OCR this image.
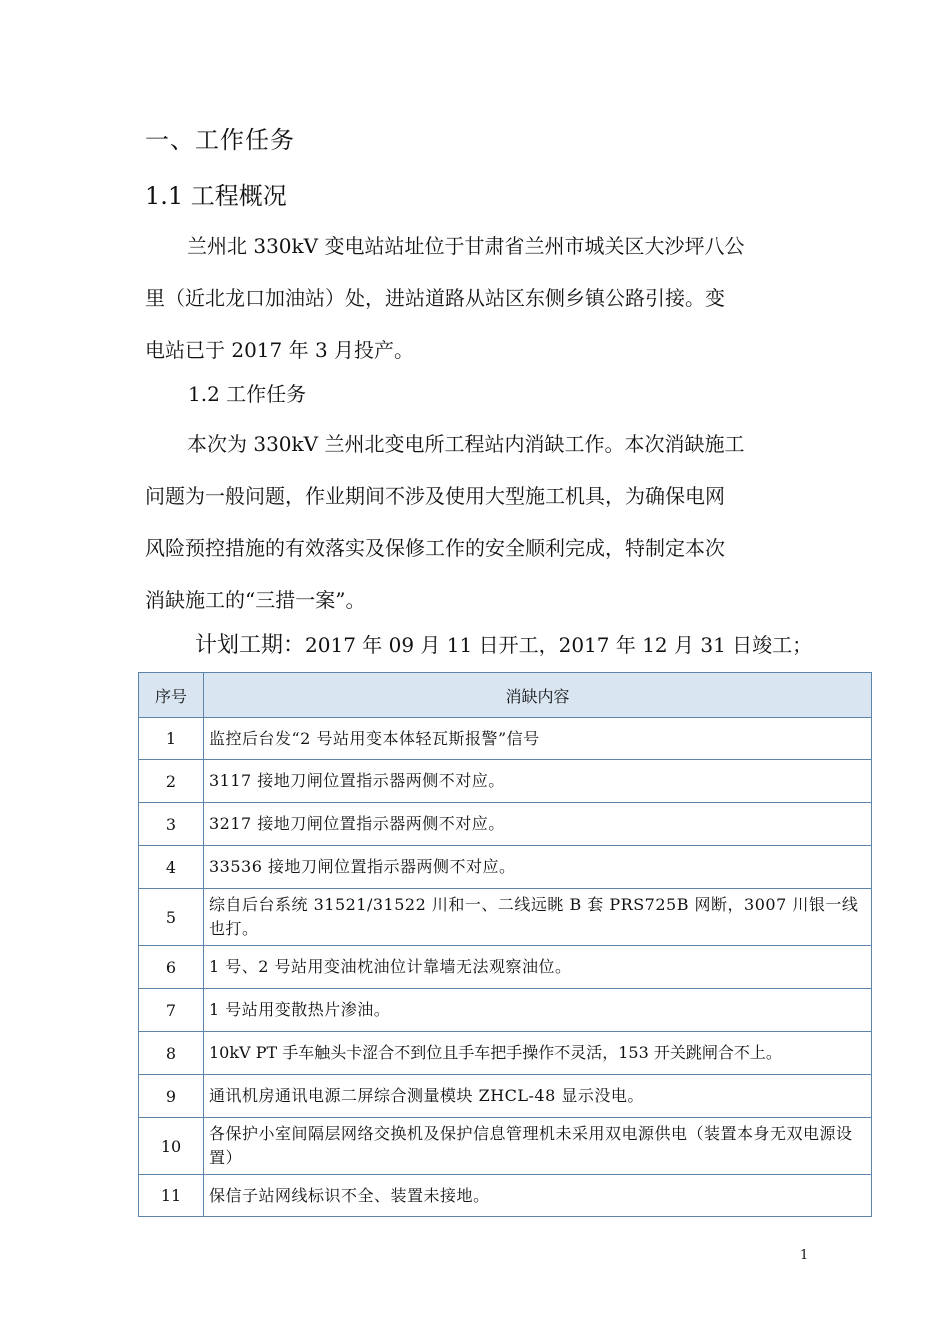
一、工作任务
1.1 工程概况
兰州北 330kV 变电站站址位于甘肃省兰州市城关区大沙坪八公
里（近北龙口加油站）处，进站道路从站区东侧乡镇公路引接。变
电站已于 2017 年 3 月投产。
1.2 工作任务
本次为 330kV 兰州北变电所工程站内消缺工作。本次消缺施工
问题为一般问题，作业期间不涉及使用大型施工机具，为确保电网
风险预控措施的有效落实及保修工作的安全顺利完成，特制定本次
消缺施工的“三措一案”。
计划工期：2017 年 09 月 11 日开工，2017 年 12 月 31 日竣工；
序号	消缺内容
1	监控后台发“2 号站用变本体轻瓦斯报警”信号
2	3117 接地刀闸位置指示器两侧不对应。
3	3217 接地刀闸位置指示器两侧不对应。
4	33536 接地刀闸位置指示器两侧不对应。
5	综自后台系统 31521/31522 川和一、二线远眺 B 套 PRS725B 网断，3007 川银一线也打。
6	1 号、2 号站用变油枕油位计靠墙无法观察油位。
7	1 号站用变散热片渗油。
8	10kV PT 手车触头卡涩合不到位且手车把手操作不灵活，153 开关跳闸合不上。
9	通讯机房通讯电源二屏综合测量模块 ZHCL-48 显示没电。
10	各保护小室间隔层网络交换机及保护信息管理机未采用双电源供电（装置本身无双电源设置）
11	保信子站网线标识不全、装置未接地。
1
